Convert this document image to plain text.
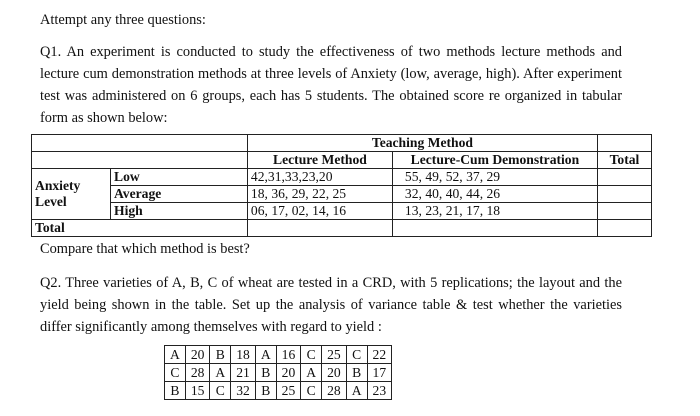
Attempt any three questions:
Q1. An experiment is conducted to study the effectiveness of two methods lecture methods and lecture cum demonstration methods at three levels of Anxiety (low, average, high). After experiment test was administered on 6 groups, each has 5 students. The obtained score re organized in tabular form as shown below:
		Teaching Method		
		Lecture Method	Lecture-Cum Demonstration	Total
Anxiety Level	Low	42,31,33,23,20	55, 49, 52, 37, 29	
	Average	18, 36, 29, 22, 25	32, 40, 40, 44, 26	
	High	06, 17, 02, 14, 16	13, 23, 21, 17, 18	
Total				
Compare that which method is best?
Q2. Three varieties of A, B, C of wheat are tested in a CRD, with 5 replications; the layout and the yield being shown in the table. Set up the analysis of variance table & test whether the varieties differ significantly among themselves with regard to yield :
A	20	B	18	A	16	C	25	C	22
C	28	A	21	B	20	A	20	B	17
B	15	C	32	B	25	C	28	A	23
